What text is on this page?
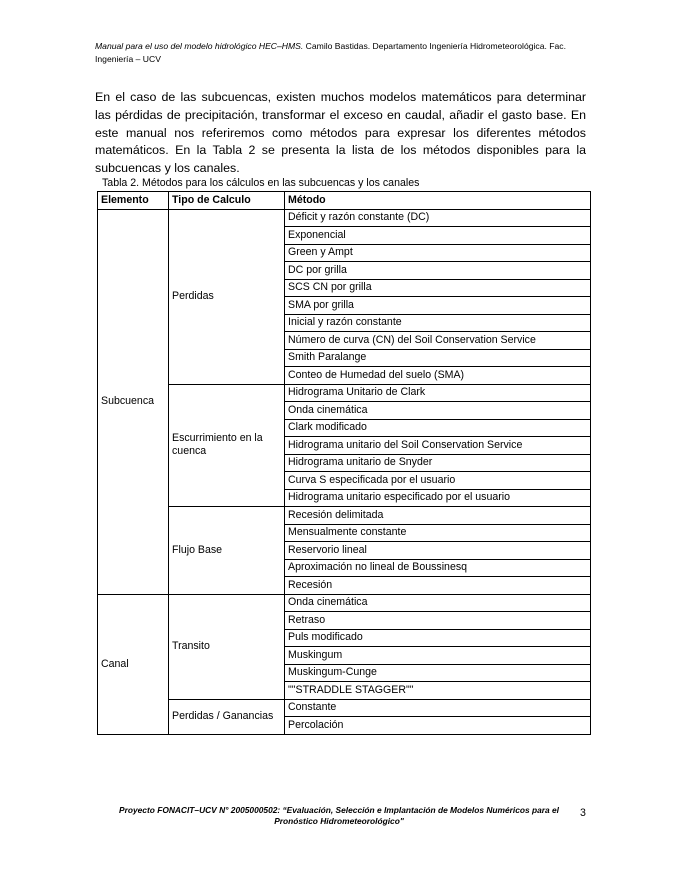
Manual para el uso del modelo hidrológico HEC–HMS. Camilo Bastidas. Departamento Ingeniería Hidrometeorológica. Fac. Ingeniería – UCV

En el caso de las subcuencas, existen muchos modelos matemáticos para determinar las pérdidas de precipitación, transformar el exceso en caudal, añadir el gasto base. En este manual nos referiremos como métodos para expresar los diferentes métodos matemáticos. En la Tabla 2 se presenta la lista de los métodos disponibles para la subcuencas y los canales.

Tabla 2. Métodos para los cálculos en las subcuencas y los canales
Elemento	Tipo de Calculo	Método
Subcuenca	Perdidas	Déficit y razón constante (DC)
		Exponencial
		Green y Ampt
		DC por grilla
		SCS CN por grilla
		SMA por grilla
		Inicial y razón constante
		Número de curva (CN) del Soil Conservation Service
		Smith Paralange
		Conteo de Humedad del suelo (SMA)
	Escurrimiento en la cuenca	Hidrograma Unitario de Clark
		Onda cinemática
		Clark modificado
		Hidrograma unitario del Soil Conservation Service
		Hidrograma unitario de Snyder
		Curva S especificada por el usuario
		Hidrograma unitario especificado por el usuario
	Flujo Base	Recesión delimitada
		Mensualmente constante
		Reservorio lineal
		Aproximación no lineal de Boussinesq
		Recesión
Canal	Transito	Onda cinemática
		Retraso
		Puls modificado
		Muskingum
		Muskingum-Cunge
		""STRADDLE STAGGER""
	Perdidas / Ganancias	Constante
		Percolación
Proyecto FONACIT–UCV N° 2005000502: “Evaluación, Selección e Implantación de Modelos Numéricos para el Pronóstico Hidrometeorológico"
3
